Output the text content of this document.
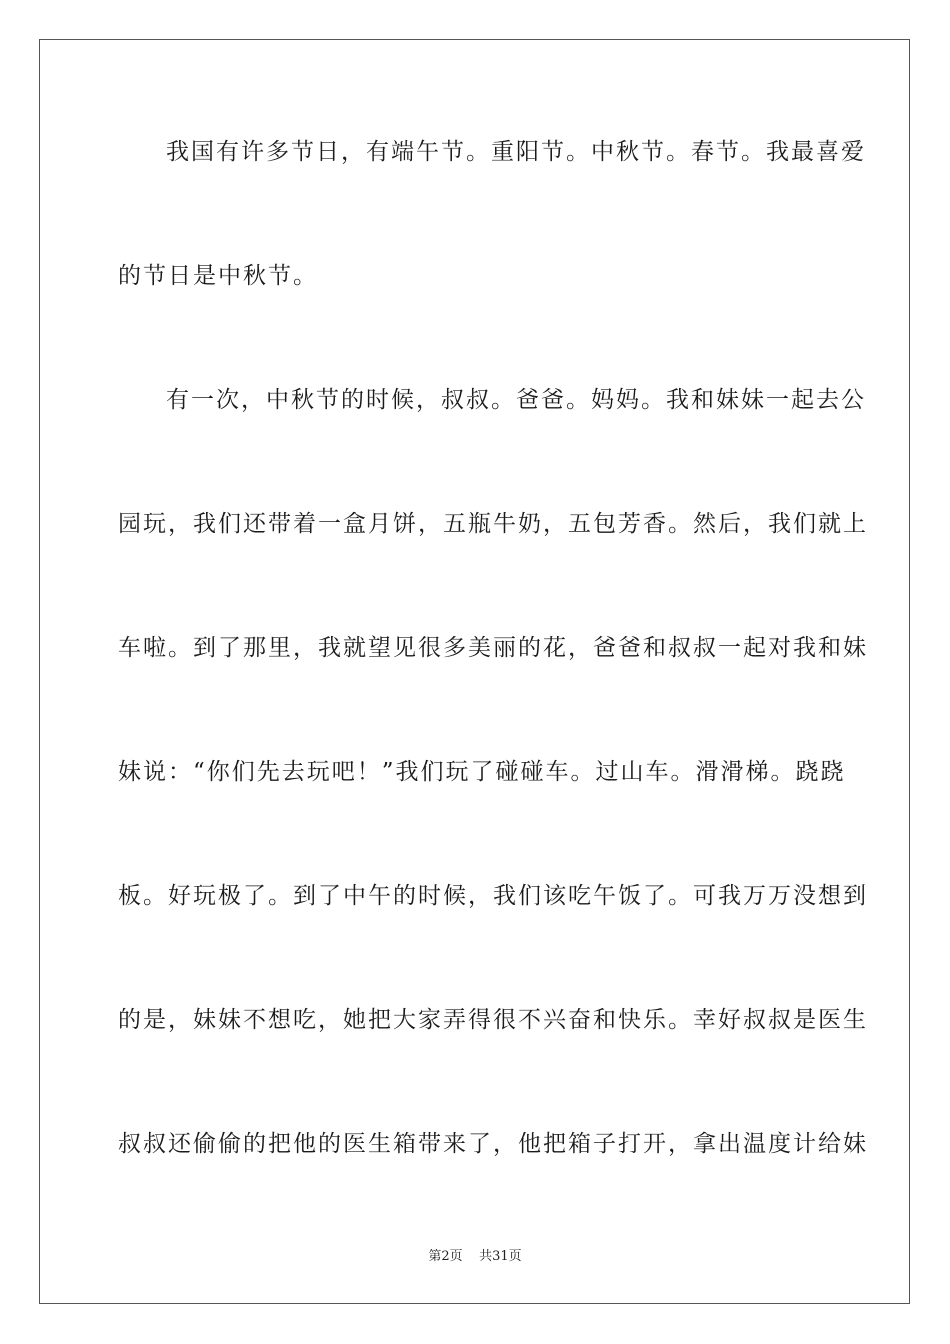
我国有许多节日，有端午节。重阳节。中秋节。春节。我最喜爱
的节日是中秋节。
有一次，中秋节的时候，叔叔。爸爸。妈妈。我和妹妹一起去公
园玩，我们还带着一盒月饼，五瓶牛奶，五包芳香。然后，我们就上
车啦。到了那里，我就望见很多美丽的花，爸爸和叔叔一起对我和妹
妹说：“你们先去玩吧！”我们玩了碰碰车。过山车。滑滑梯。跷跷
板。好玩极了。到了中午的时候，我们该吃午饭了。可我万万没想到
的是，妹妹不想吃，她把大家弄得很不兴奋和快乐。幸好叔叔是医生
叔叔还偷偷的把他的医生箱带来了，他把箱子打开，拿出温度计给妹
第2页 共31页
